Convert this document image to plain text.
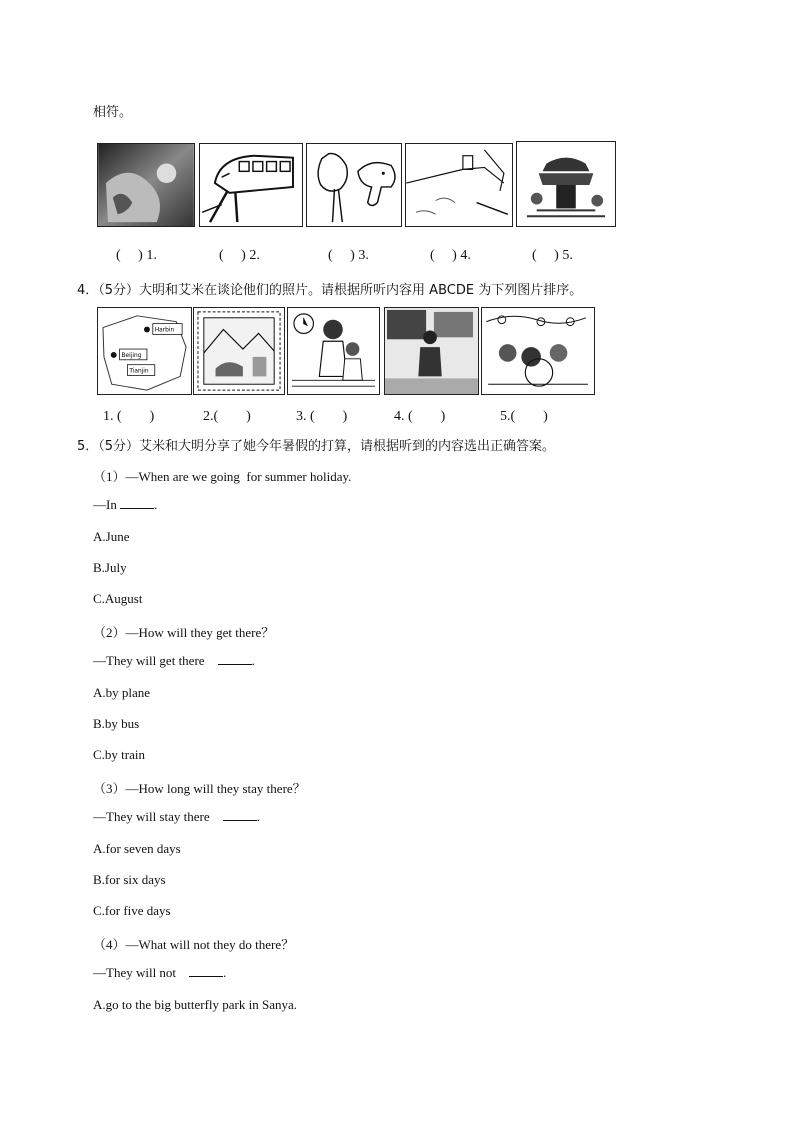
相符。
(　 ) 1.	(　 ) 2.	(　 ) 3.	(　 ) 4.	(　 ) 5.
4．（5分）大明和艾米在谈论他们的照片。请根据所听内容用 ABCDE 为下列图片排序。
Harbin
Beijing
Tianjin
1. (　　)	2.(　　)	3. (　　)	4. (　　)	5.(　　)
5．（5分）艾米和大明分享了她今年暑假的打算，请根据听到的内容选出正确答案。
（1）—When are we going  for summer holiday.
—In	.
A.June
B.July
C.August
（2）—How will they get there？
—They will get there	.
A.by plane
B.by bus
C.by train
（3）—How long will they stay there？
—They will stay there	.
A.for seven days
B.for six days
C.for five days
（4）—What will not they do there？
—They will not	.
A.go to the big butterfly park in Sanya.
